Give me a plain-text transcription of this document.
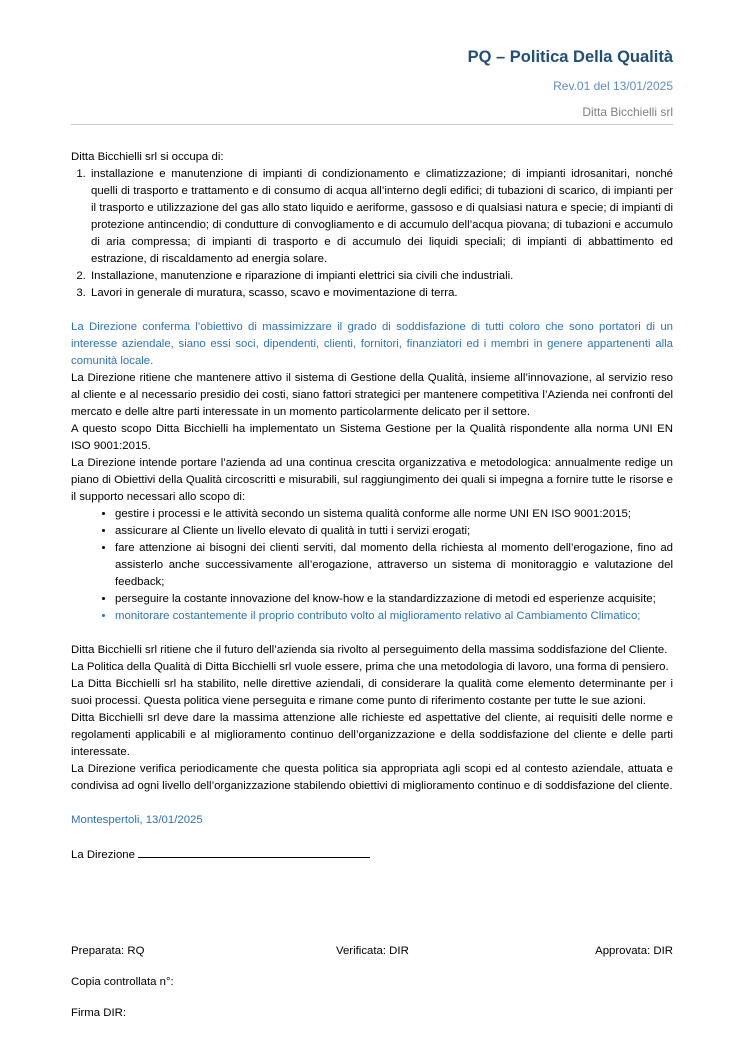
PQ – Politica Della Qualità
Rev.01 del 13/01/2025
Ditta Bicchielli srl

Ditta Bicchielli srl si occupa di:

1. installazione e manutenzione di impianti di condizionamento e climatizzazione; di impianti idrosanitari, nonché quelli di trasporto e trattamento e di consumo di acqua all’interno degli edifici; di tubazioni di scarico, di impianti per il trasporto e utilizzazione del gas allo stato liquido e aeriforme, gassoso e di qualsiasi natura e specie; di impianti di protezione antincendio; di condutture di convogliamento e di accumulo dell’acqua piovana; di tubazioni e accumulo di aria compressa; di impianti di trasporto e di accumulo dei liquidi speciali; di impianti di abbattimento ed estrazione, di riscaldamento ad energia solare.
2. Installazione, manutenzione e riparazione di impianti elettrici sia civili che industriali.
3. Lavori in generale di muratura, scasso, scavo e movimentazione di terra.

La Direzione conferma l’obiettivo di massimizzare il grado di soddisfazione di tutti coloro che sono portatori di un interesse aziendale, siano essi soci, dipendenti, clienti, fornitori, finanziatori ed i membri in genere appartenenti alla comunità locale.

La Direzione ritiene che mantenere attivo il sistema di Gestione della Qualità, insieme all’innovazione, al servizio reso al cliente e al necessario presidio dei costi, siano fattori strategici per mantenere competitiva l’Azienda nei confronti del mercato e delle altre parti interessate in un momento particolarmente delicato per il settore.

A questo scopo Ditta Bicchielli ha implementato un Sistema Gestione per la Qualità rispondente alla norma UNI EN ISO 9001:2015.

La Direzione intende portare l’azienda ad una continua crescita organizzativa e metodologica: annualmente redige un piano di Obiettivi della Qualità circoscritti e misurabili, sul raggiungimento dei quali si impegna a fornire tutte le risorse e il supporto necessari allo scopo di:

• gestire i processi e le attività secondo un sistema qualità conforme alle norme UNI EN ISO 9001:2015;
• assicurare al Cliente un livello elevato di qualità in tutti i servizi erogati;
• fare attenzione ai bisogni dei clienti serviti, dal momento della richiesta al momento dell’erogazione, fino ad assisterlo anche successivamente all’erogazione, attraverso un sistema di monitoraggio e valutazione del feedback;
• perseguire la costante innovazione del know-how e la standardizzazione di metodi ed esperienze acquisite;
• monitorare costantemente il proprio contributo volto al miglioramento relativo al Cambiamento Climatico;

Ditta Bicchielli srl ritiene che il futuro dell’azienda sia rivolto al perseguimento della massima soddisfazione del Cliente.

La Politica della Qualità di Ditta Bicchielli srl vuole essere, prima che una metodologia di lavoro, una forma di pensiero.

La Ditta Bicchielli srl ha stabilito, nelle direttive aziendali, di considerare la qualità come elemento determinante per i suoi processi. Questa politica viene perseguita e rimane come punto di riferimento costante per tutte le sue azioni.

Ditta Bicchielli srl deve dare la massima attenzione alle richieste ed aspettative del cliente, ai requisiti delle norme e regolamenti applicabili e al miglioramento continuo dell’organizzazione e della soddisfazione del cliente e delle parti interessate.

La Direzione verifica periodicamente che questa politica sia appropriata agli scopi ed al contesto aziendale, attuata e condivisa ad ogni livello dell’organizzazione stabilendo obiettivi di miglioramento continuo e di soddisfazione del cliente.

Montespertoli, 13/01/2025

La Direzione

Preparata: RQ	Verificata: DIR	Approvata: DIR
Copia controllata n°:
Firma DIR:
